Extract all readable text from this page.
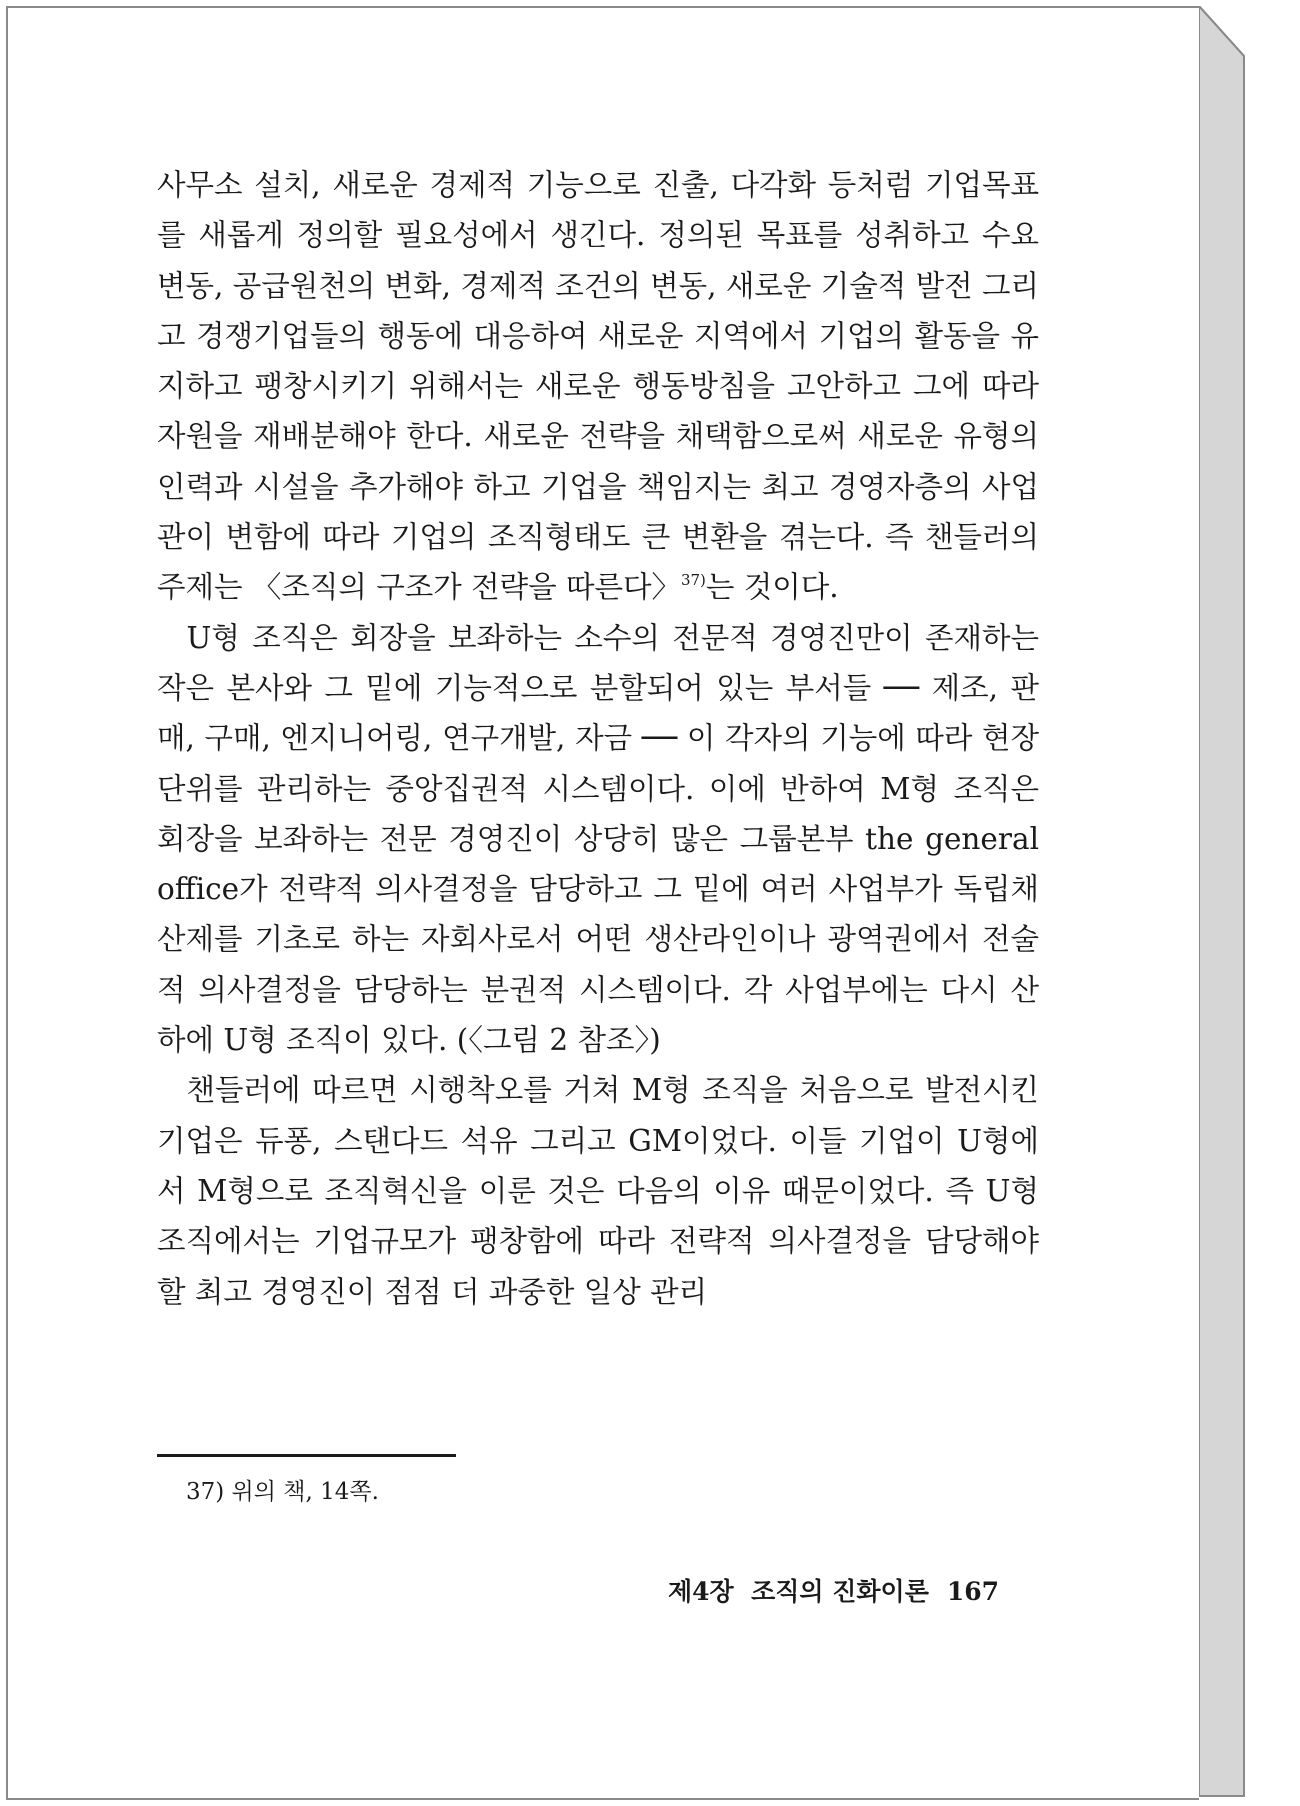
사무소 설치, 새로운 경제적 기능으로 진출, 다각화 등처럼 기업목표를 새롭게 정의할 필요성에서 생긴다. 정의된 목표를 성취하고 수요 변동, 공급원천의 변화, 경제적 조건의 변동, 새로운 기술적 발전 그리고 경쟁기업들의 행동에 대응하여 새로운 지역에서 기업의 활동을 유지하고 팽창시키기 위해서는 새로운 행동방침을 고안하고 그에 따라 자원을 재배분해야 한다. 새로운 전략을 채택함으로써 새로운 유형의 인력과 시설을 추가해야 하고 기업을 책임지는 최고 경영자층의 사업관이 변함에 따라 기업의 조직형태도 큰 변환을 겪는다. 즉 챈들러의 주제는 〈조직의 구조가 전략을 따른다〉$^{37)}$는 것이다.

U형 조직은 회장을 보좌하는 소수의 전문적 경영진만이 존재하는 작은 본사와 그 밑에 기능적으로 분할되어 있는 부서들 ── 제조, 판매, 구매, 엔지니어링, 연구개발, 자금 ── 이 각자의 기능에 따라 현장단위를 관리하는 중앙집권적 시스템이다. 이에 반하여 M형 조직은 회장을 보좌하는 전문 경영진이 상당히 많은 그룹본부 the general office가 전략적 의사결정을 담당하고 그 밑에 여러 사업부가 독립채산제를 기초로 하는 자회사로서 어떤 생산라인이나 광역권에서 전술적 의사결정을 담당하는 분권적 시스템이다. 각 사업부에는 다시 산하에 U형 조직이 있다. (〈그림 2 참조〉)

챈들러에 따르면 시행착오를 거쳐 M형 조직을 처음으로 발전시킨 기업은 듀퐁, 스탠다드 석유 그리고 GM이었다. 이들 기업이 U형에서 M형으로 조직혁신을 이룬 것은 다음의 이유 때문이었다. 즉 U형 조직에서는 기업규모가 팽창함에 따라 전략적 의사결정을 담당해야 할 최고 경영진이 점점 더 과중한 일상 관리

37) 위의 책, 14쪽.
제4장  조직의 진화이론 167
